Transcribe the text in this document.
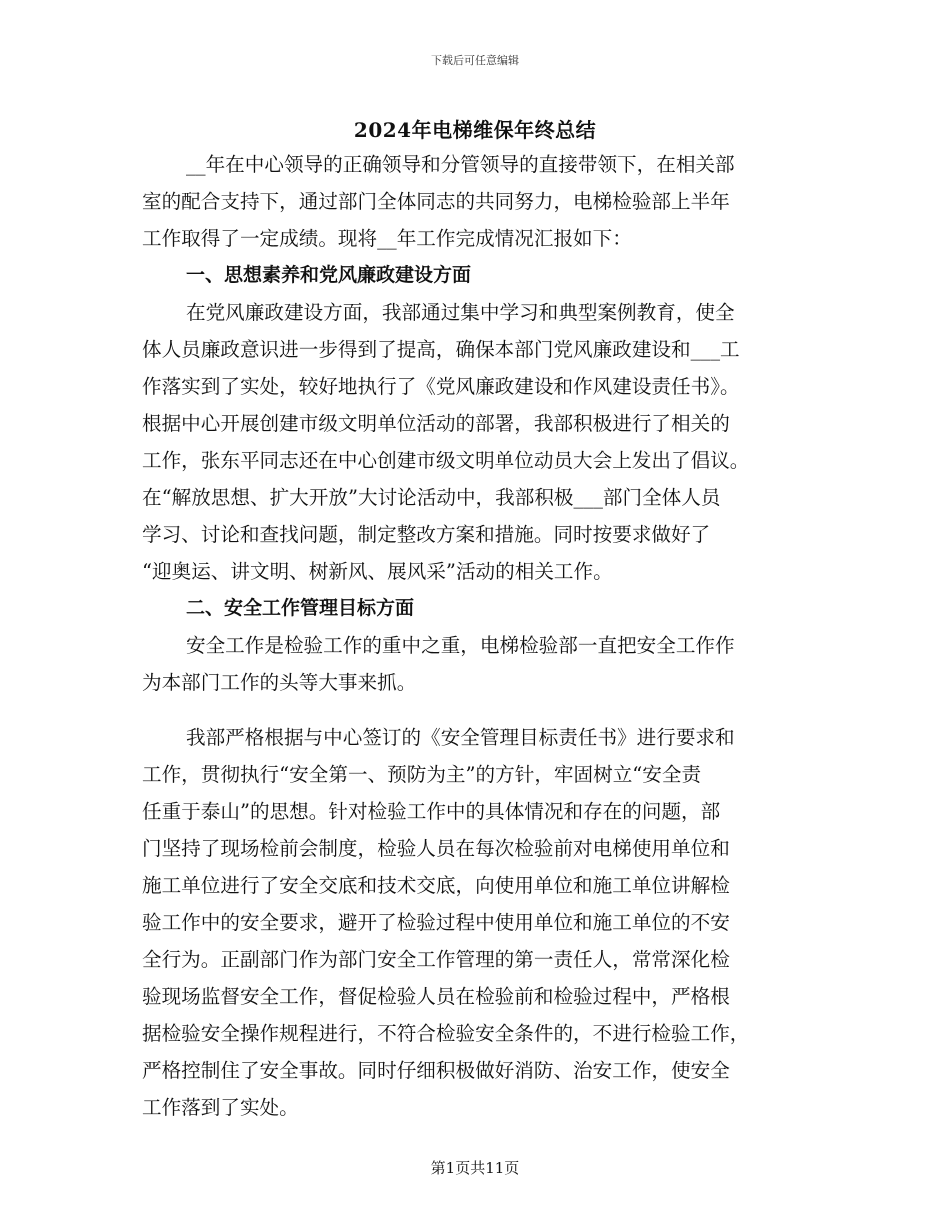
下载后可任意编辑
2024年电梯维保年终总结
__年在中心领导的正确领导和分管领导的直接带领下，在相关部
室的配合支持下，通过部门全体同志的共同努力，电梯检验部上半年
工作取得了一定成绩。现将__年工作完成情况汇报如下：
一、思想素养和党风廉政建设方面
在党风廉政建设方面，我部通过集中学习和典型案例教育，使全
体人员廉政意识进一步得到了提高，确保本部门党风廉政建设和___工
作落实到了实处，较好地执行了《党风廉政建设和作风建设责任书》。
根据中心开展创建市级文明单位活动的部署，我部积极进行了相关的
工作，张东平同志还在中心创建市级文明单位动员大会上发出了倡议。
在“解放思想、扩大开放”大讨论活动中，我部积极___部门全体人员
学习、讨论和查找问题，制定整改方案和措施。同时按要求做好了
“迎奥运、讲文明、树新风、展风采”活动的相关工作。
二、安全工作管理目标方面
安全工作是检验工作的重中之重，电梯检验部一直把安全工作作
为本部门工作的头等大事来抓。
我部严格根据与中心签订的《安全管理目标责任书》进行要求和
工作，贯彻执行“安全第一、预防为主”的方针，牢固树立“安全责
任重于泰山”的思想。针对检验工作中的具体情况和存在的问题，部
门坚持了现场检前会制度，检验人员在每次检验前对电梯使用单位和
施工单位进行了安全交底和技术交底，向使用单位和施工单位讲解检
验工作中的安全要求，避开了检验过程中使用单位和施工单位的不安
全行为。正副部门作为部门安全工作管理的第一责任人，常常深化检
验现场监督安全工作，督促检验人员在检验前和检验过程中，严格根
据检验安全操作规程进行，不符合检验安全条件的，不进行检验工作，
严格控制住了安全事故。同时仔细积极做好消防、治安工作，使安全
工作落到了实处。
第1页共11页
